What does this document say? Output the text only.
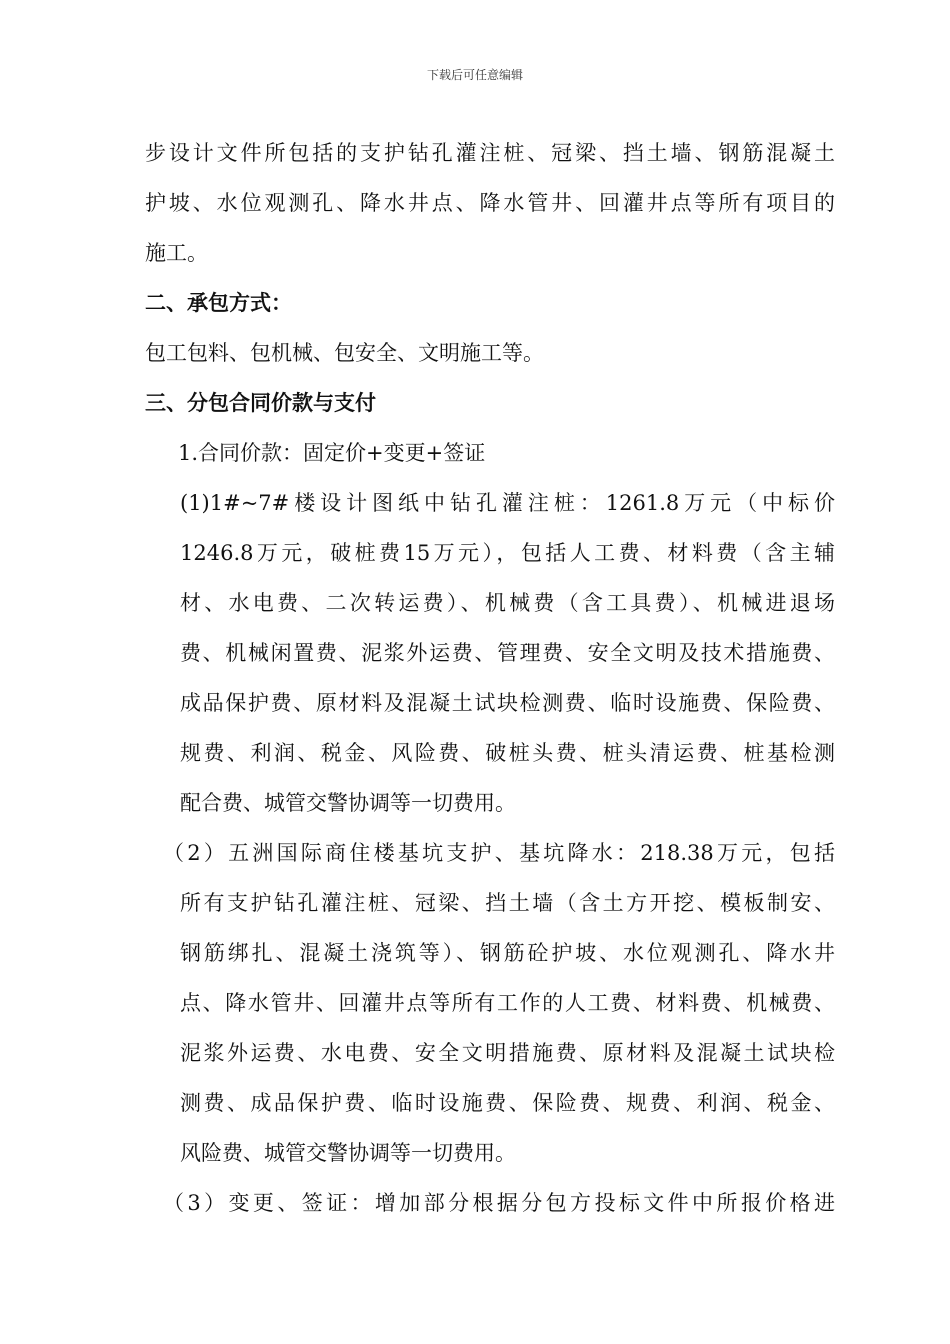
下载后可任意编辑
步设计文件所包括的支护钻孔灌注桩、冠梁、挡土墙、钢筋混凝土
护坡、水位观测孔、降水井点、降水管井、回灌井点等所有项目的
施工。
二、承包方式：
包工包料、包机械、包安全、文明施工等。
三、分包合同价款与支付
1.合同价款：固定价+变更+签证
(1)1#~7#楼设计图纸中钻孔灌注桩：1261.8万元（中标价
1246.8万元，破桩费15万元），包括人工费、材料费（含主辅
材、水电费、二次转运费）、机械费（含工具费）、机械进退场
费、机械闲置费、泥浆外运费、管理费、安全文明及技术措施费、
成品保护费、原材料及混凝土试块检测费、临时设施费、保险费、
规费、利润、税金、风险费、破桩头费、桩头清运费、桩基检测
配合费、城管交警协调等一切费用。
（2）五洲国际商住楼基坑支护、基坑降水：218.38万元，包括
所有支护钻孔灌注桩、冠梁、挡土墙（含土方开挖、模板制安、
钢筋绑扎、混凝土浇筑等）、钢筋砼护坡、水位观测孔、降水井
点、降水管井、回灌井点等所有工作的人工费、材料费、机械费、
泥浆外运费、水电费、安全文明措施费、原材料及混凝土试块检
测费、成品保护费、临时设施费、保险费、规费、利润、税金、
风险费、城管交警协调等一切费用。
（3）变更、签证：增加部分根据分包方投标文件中所报价格进
